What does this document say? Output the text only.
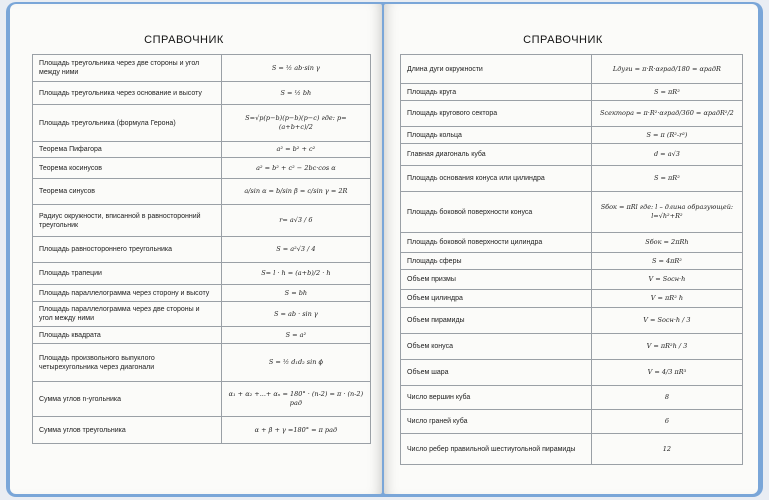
СПРАВОЧНИК
Площадь треугольника через две стороны и угол между ними	S = ½ ab·sin γ
Площадь треугольника через основание и высоту	S = ½ bh
Площадь треугольника (формула Герона)	S=√p(p−b)(p−b)(p−c) где: p= (a+b+c)/2
Теорема Пифагора	a² = b² + c²
Теорема косинусов	a² = b² + c² − 2bc·cos α
Теорема синусов	a/sin α = b/sin β = c/sin γ = 2R
Радиус окружности, вписанной в равносторонний треугольник	r= a√3 / 6
Площадь равностороннего треугольника	S = a²√3 / 4
Площадь трапеции	S= l · h = (a+b)/2 · h
Площадь параллелограмма через сторону и высоту	S = bh
Площадь параллелограмма через две стороны и угол между ними	S = ab · sin γ
Площадь квадрата	S = a²
Площадь произвольного выпуклого четырехугольника через диагонали	S = ½ d₁d₂ sin ϕ
Сумма углов n-угольника	α₁ + α₂ +...+ αₙ = 180° · (n-2) = π · (n-2) рад
Сумма углов треугольника	α + β + γ =180° = π рад
СПРАВОЧНИК
Длина дуги окружности	Lдуги = π·R·αград/180 = αрадR
Площадь круга	S = πR²
Площадь кругового сектора	Sсектора = π·R²·αград/360 = αрадR²/2
Площадь кольца	S = π (R²-r²)
Главная диагональ куба	d = a√3
Площадь основания конуса или цилиндра	S = πR²
Площадь боковой поверхности конуса	Sбок = πRl где: l – длина образующей: l=√h²+R²
Площадь боковой поверхности цилиндра	Sбок = 2πRh
Площадь сферы	S = 4πR²
Объем призмы	V = Sосн·h
Объем цилиндра	V = πR² h
Объем пирамиды	V = Sосн·h / 3
Объем конуса	V = πR²h / 3
Объем шара	V = 4/3 πR³
Число вершин куба	8
Число граней куба	6
Число ребер правильной шестиугольной пирамиды	12
